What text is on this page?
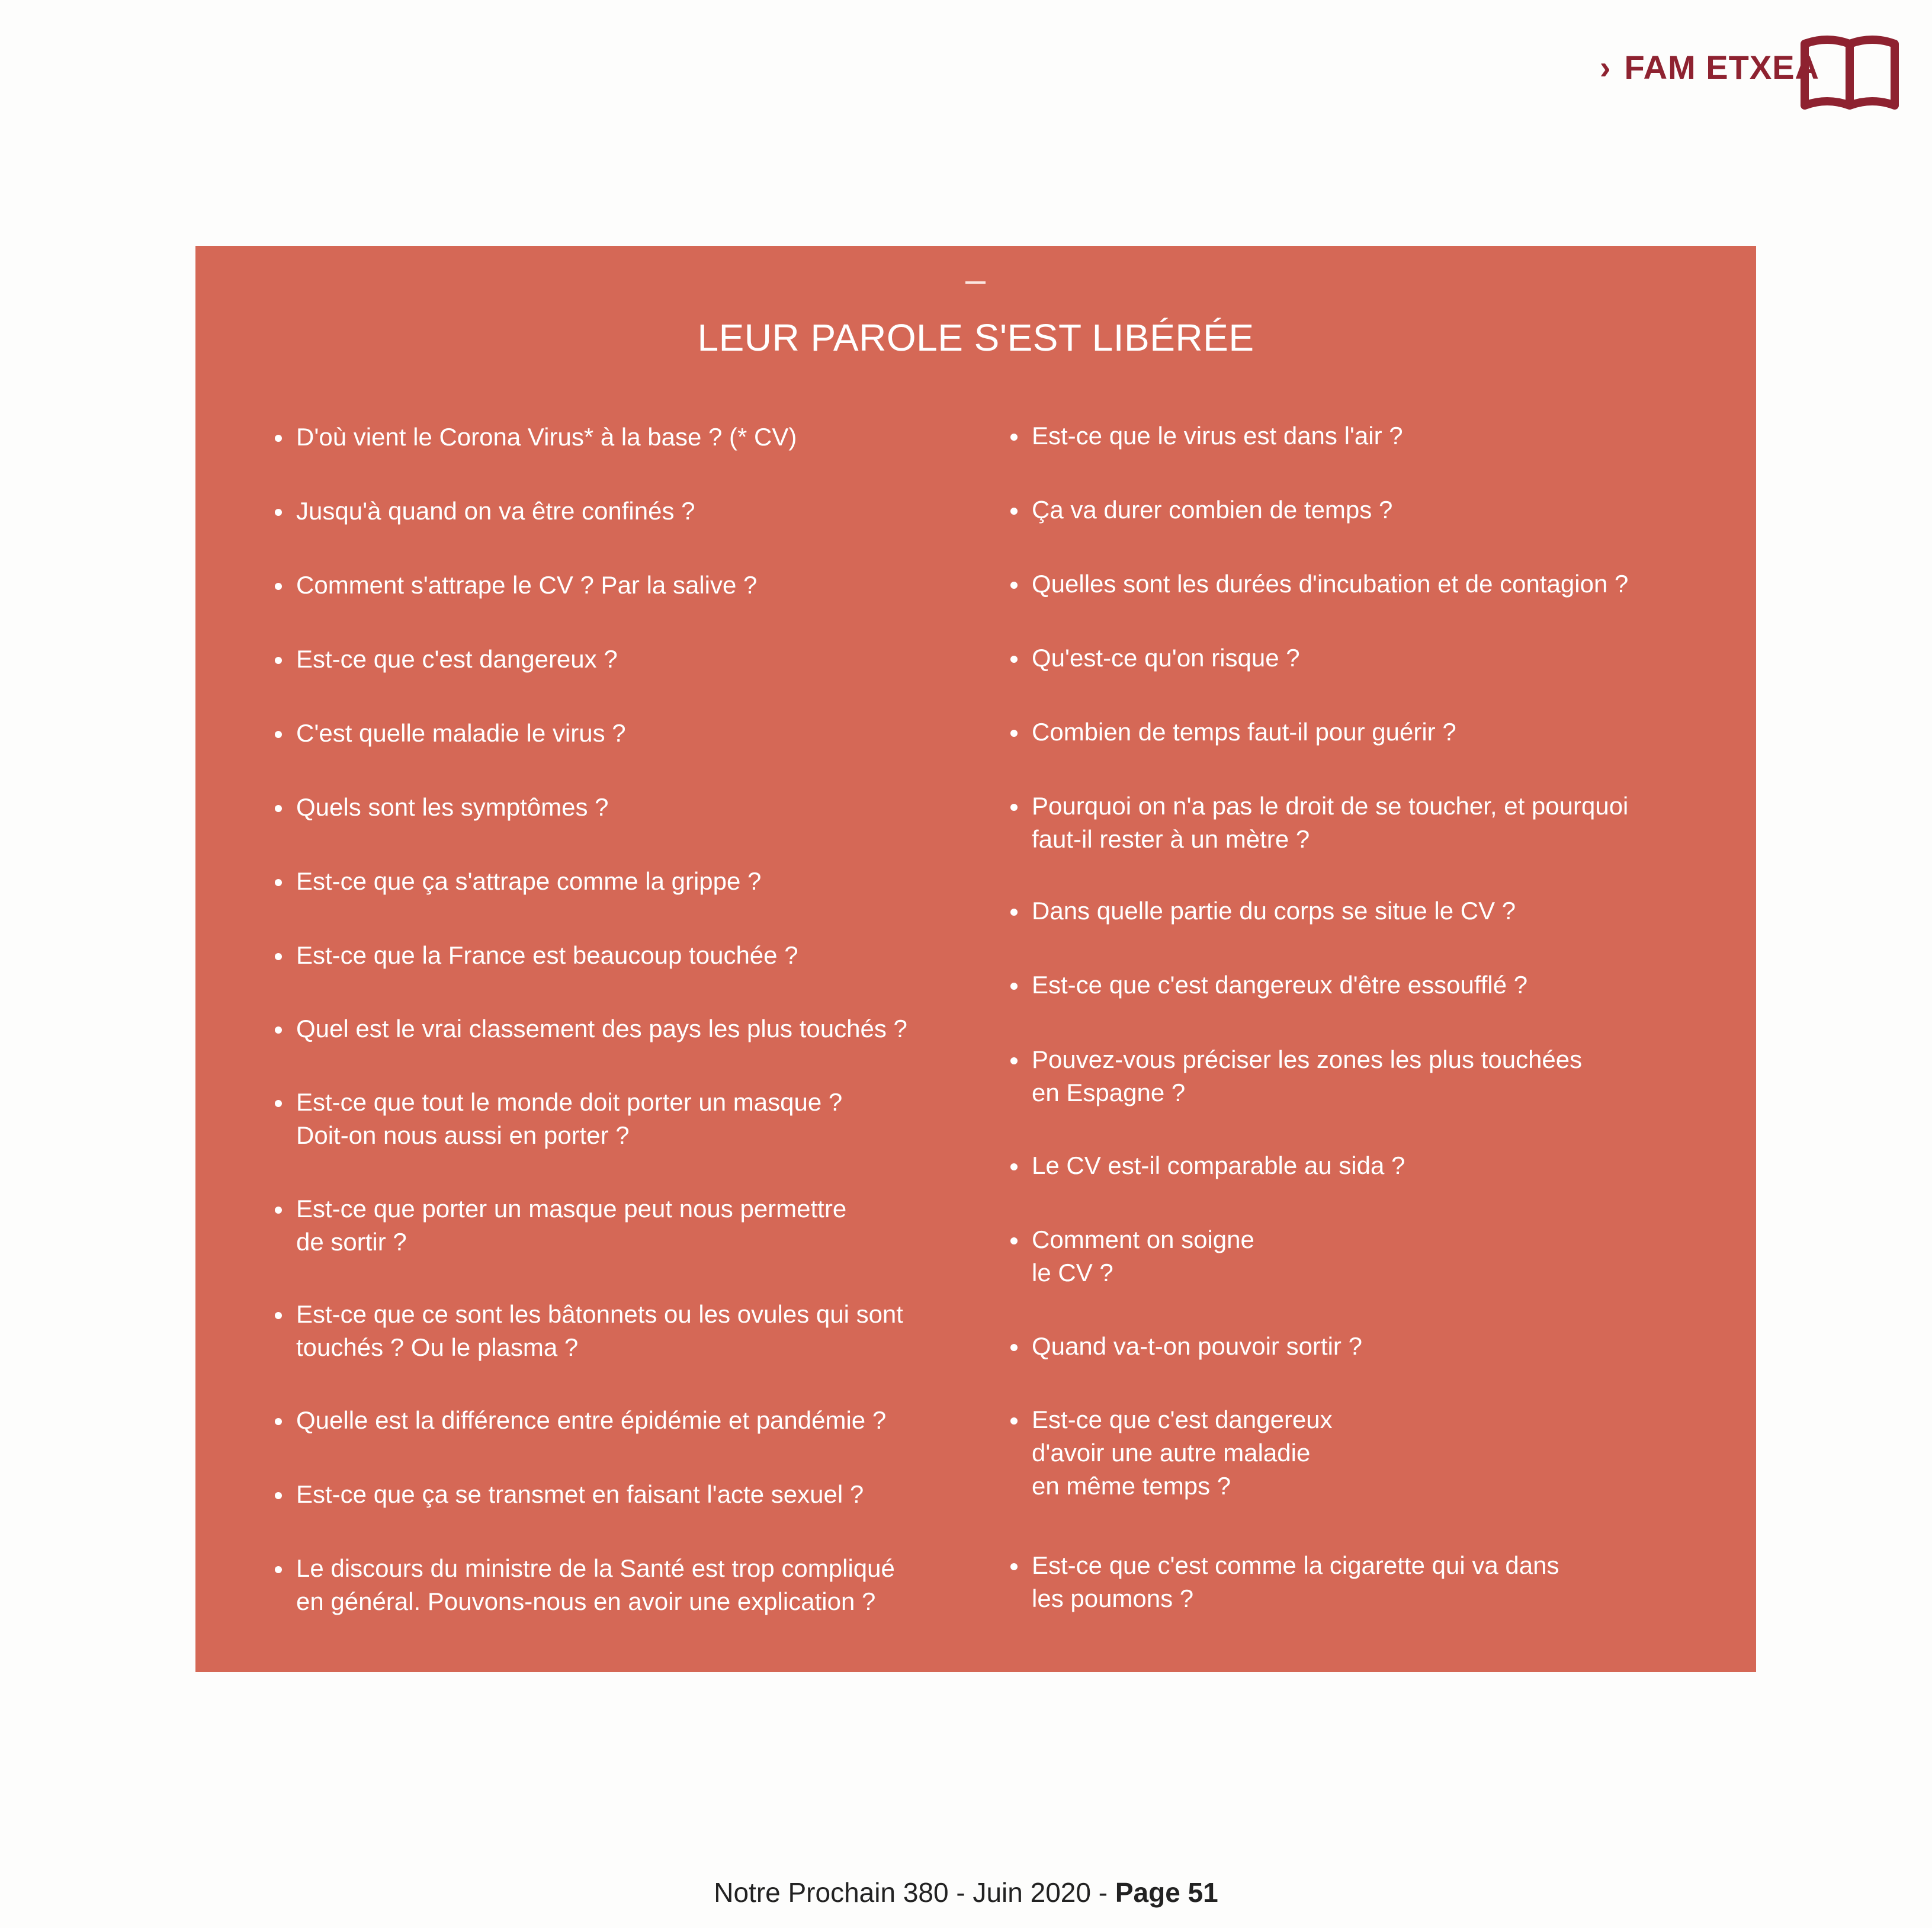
› FAM ETXEA
LEUR PAROLE S'EST LIBÉRÉE
D'où vient le Corona Virus* à la base ? (* CV)
Jusqu'à quand on va être confinés ?
Comment s'attrape le CV ? Par la salive ?
Est-ce que c'est dangereux ?
C'est quelle maladie le virus ?
Quels sont les symptômes ?
Est-ce que ça s'attrape comme la grippe ?
Est-ce que la France est beaucoup touchée ?
Quel est le vrai classement des pays les plus touchés ?
Est-ce que tout le monde doit porter un masque ?
Doit-on nous aussi en porter ?
Est-ce que porter un masque peut nous permettre
de sortir ?
Est-ce que ce sont les bâtonnets ou les ovules qui sont
touchés ? Ou le plasma ?
Quelle est la différence entre épidémie et pandémie ?
Est-ce que ça se transmet en faisant l'acte sexuel ?
Le discours du ministre de la Santé est trop compliqué
en général. Pouvons-nous en avoir une explication ?
Est-ce que le virus est dans l'air ?
Ça va durer combien de temps ?
Quelles sont les durées d'incubation et de contagion ?
Qu'est-ce qu'on risque ?
Combien de temps faut-il pour guérir ?
Pourquoi on n'a pas le droit de se toucher, et pourquoi
faut-il rester à un mètre ?
Dans quelle partie du corps se situe le CV ?
Est-ce que c'est dangereux d'être essoufflé ?
Pouvez-vous préciser les zones les plus touchées
en Espagne ?
Le CV est-il comparable au sida ?
Comment on soigne
le CV ?
Quand va-t-on pouvoir sortir ?
Est-ce que c'est dangereux
d'avoir une autre maladie
en même temps ?
Est-ce que c'est comme la cigarette qui va dans
les poumons ?
Notre Prochain 380 - Juin 2020 - Page 51
